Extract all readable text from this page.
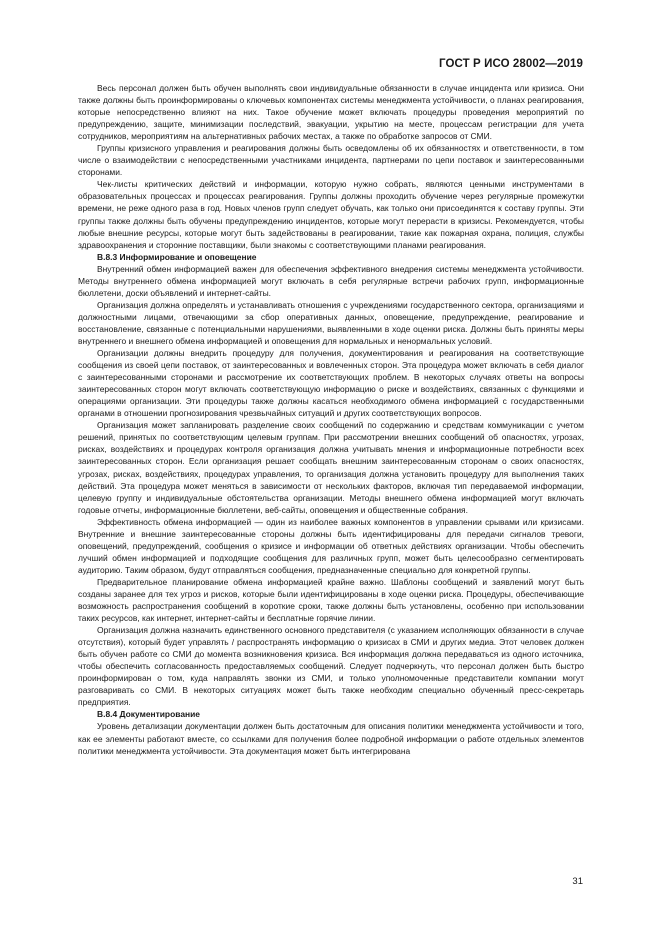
ГОСТ Р ИСО 28002—2019

Весь персонал должен быть обучен выполнять свои индивидуальные обязанности в случае инцидента или кризиса. Они также должны быть проинформированы о ключевых компонентах системы менеджмента устойчивости, о планах реагирования, которые непосредственно влияют на них. Такое обучение может включать процедуры проведения мероприятий по предупреждению, защите, минимизации последствий, эвакуации, укрытию на месте, процессам регистрации для учета сотрудников, мероприятиям на альтернативных рабочих местах, а также по обработке запросов от СМИ.

Группы кризисного управления и реагирования должны быть осведомлены об их обязанностях и ответственности, в том числе о взаимодействии с непосредственными участниками инцидента, партнерами по цепи поставок и заинтересованными сторонами.

Чек-листы критических действий и информации, которую нужно собрать, являются ценными инструментами в образовательных процессах и процессах реагирования. Группы должны проходить обучение через регулярные промежутки времени, не реже одного раза в год. Новых членов групп следует обучать, как только они присоединятся к составу группы. Эти группы также должны быть обучены предупреждению инцидентов, которые могут перерасти в кризисы. Рекомендуется, чтобы любые внешние ресурсы, которые могут быть задействованы в реагировании, такие как пожарная охрана, полиция, службы здравоохранения и сторонние поставщики, были знакомы с соответствующими планами реагирования.

В.8.3 Информирование и оповещение

Внутренний обмен информацией важен для обеспечения эффективного внедрения системы менеджмента устойчивости. Методы внутреннего обмена информацией могут включать в себя регулярные встречи рабочих групп, информационные бюллетени, доски объявлений и интернет-сайты.

Организация должна определять и устанавливать отношения с учреждениями государственного сектора, организациями и должностными лицами, отвечающими за сбор оперативных данных, оповещение, предупреждение, реагирование и восстановление, связанные с потенциальными нарушениями, выявленными в ходе оценки риска. Должны быть приняты меры внутреннего и внешнего обмена информацией и оповещения для нормальных и ненормальных условий.

Организации должны внедрить процедуру для получения, документирования и реагирования на соответствующие сообщения из своей цепи поставок, от заинтересованных и вовлеченных сторон. Эта процедура может включать в себя диалог с заинтересованными сторонами и рассмотрение их соответствующих проблем. В некоторых случаях ответы на вопросы заинтересованных сторон могут включать соответствующую информацию о риске и воздействиях, связанных с функциями и операциями организации. Эти процедуры также должны касаться необходимого обмена информацией с государственными органами в отношении прогнозирования чрезвычайных ситуаций и других соответствующих вопросов.

Организация может запланировать разделение своих сообщений по содержанию и средствам коммуникации с учетом решений, принятых по соответствующим целевым группам. При рассмотрении внешних сообщений об опасностях, угрозах, рисках, воздействиях и процедурах контроля организация должна учитывать мнения и информационные потребности всех заинтересованных сторон. Если организация решает сообщать внешним заинтересованным сторонам о своих опасностях, угрозах, рисках, воздействиях, процедурах управления, то организация должна установить процедуру для выполнения таких действий. Эта процедура может меняться в зависимости от нескольких факторов, включая тип передаваемой информации, целевую группу и индивидуальные обстоятельства организации. Методы внешнего обмена информацией могут включать годовые отчеты, информационные бюллетени, веб-сайты, оповещения и общественные собрания.

Эффективность обмена информацией — один из наиболее важных компонентов в управлении срывами или кризисами. Внутренние и внешние заинтересованные стороны должны быть идентифицированы для передачи сигналов тревоги, оповещений, предупреждений, сообщения о кризисе и информации об ответных действиях организации. Чтобы обеспечить лучший обмен информацией и подходящие сообщения для различных групп, может быть целесообразно сегментировать аудиторию. Таким образом, будут отправляться сообщения, предназначенные специально для конкретной группы.

Предварительное планирование обмена информацией крайне важно. Шаблоны сообщений и заявлений могут быть созданы заранее для тех угроз и рисков, которые были идентифицированы в ходе оценки риска. Процедуры, обеспечивающие возможность распространения сообщений в короткие сроки, также должны быть установлены, особенно при использовании таких ресурсов, как интернет, интернет-сайты и бесплатные горячие линии.

Организация должна назначить единственного основного представителя (с указанием исполняющих обязанности в случае отсутствия), который будет управлять / распространять информацию о кризисах в СМИ и других медиа. Этот человек должен быть обучен работе со СМИ до момента возникновения кризиса. Вся информация должна передаваться из одного источника, чтобы обеспечить согласованность предоставляемых сообщений. Следует подчеркнуть, что персонал должен быть быстро проинформирован о том, куда направлять звонки из СМИ, и только уполномоченные представители компании могут разговаривать со СМИ. В некоторых ситуациях может быть также необходим специально обученный пресс-секретарь предприятия.

В.8.4 Документирование

Уровень детализации документации должен быть достаточным для описания политики менеджмента устойчивости и того, как ее элементы работают вместе, со ссылками для получения более подробной информации о работе отдельных элементов политики менеджмента устойчивости. Эта документация может быть интегрирована

31
